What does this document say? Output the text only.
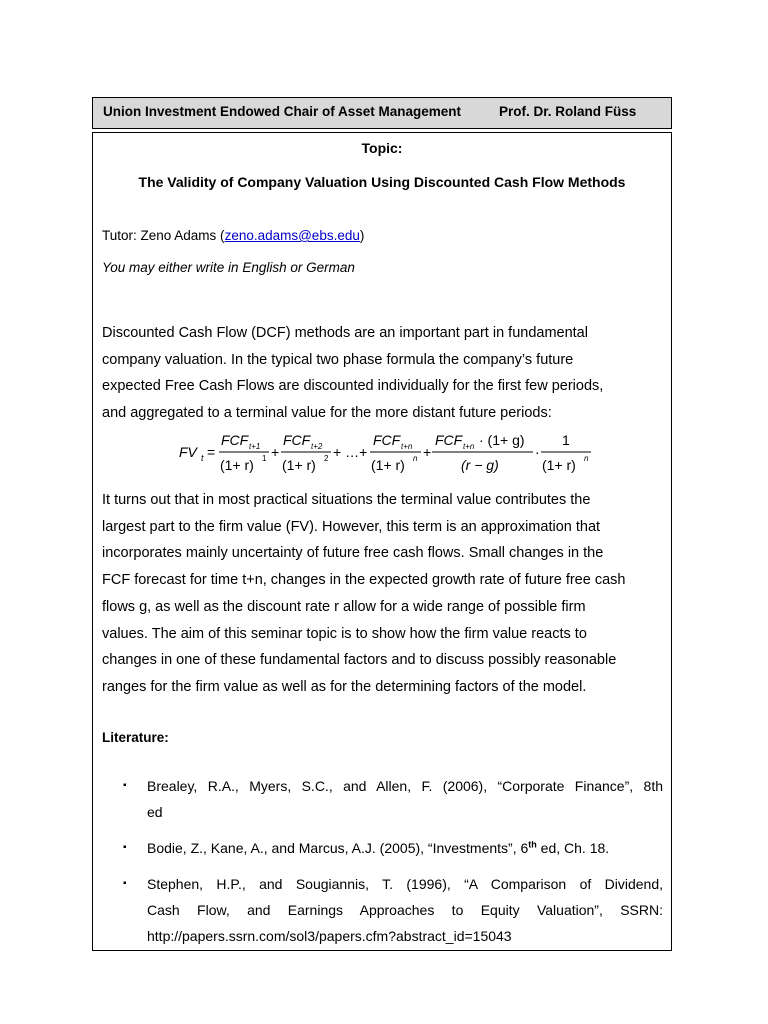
Union Investment Endowed Chair of Asset Management	Prof. Dr. Roland Füss
Topic:
The Validity of Company Valuation Using Discounted Cash Flow Methods
Tutor: Zeno Adams (zeno.adams@ebs.edu)
You may either write in English or German
Discounted Cash Flow (DCF) methods are an important part in fundamental
company valuation. In the typical two phase formula the company’s future
expected Free Cash Flows are discounted individually for the first few periods,
and aggregated to a terminal value for the more distant future periods:
FV t =
FCF t+1
(1+ r) 1 +
FCF t+2
(1+ r) 2 + …+
FCF t+n
(1+ r) n +
FCF t+n · (1+ g)
(r − g)
·
1
(1+ r) n
It turns out that in most practical situations the terminal value contributes the
largest part to the firm value (FV). However, this term is an approximation that
incorporates mainly uncertainty of future free cash flows. Small changes in the
FCF forecast for time t+n, changes in the expected growth rate of future free cash
flows g, as well as the discount rate r allow for a wide range of possible firm
values. The aim of this seminar topic is to show how the firm value reacts to
changes in one of these fundamental factors and to discuss possibly reasonable
ranges for the firm value as well as for the determining factors of the model.
Literature:
▪ Brealey, R.A., Myers, S.C., and Allen, F. (2006), “Corporate Finance”, 8th
ed
▪ Bodie, Z., Kane, A., and Marcus, A.J. (2005), “Investments”, 6th ed, Ch. 18.
▪ Stephen, H.P., and Sougiannis, T. (1996), “A Comparison of Dividend,
Cash Flow, and Earnings Approaches to Equity Valuation”, SSRN:
http://papers.ssrn.com/sol3/papers.cfm?abstract_id=15043
